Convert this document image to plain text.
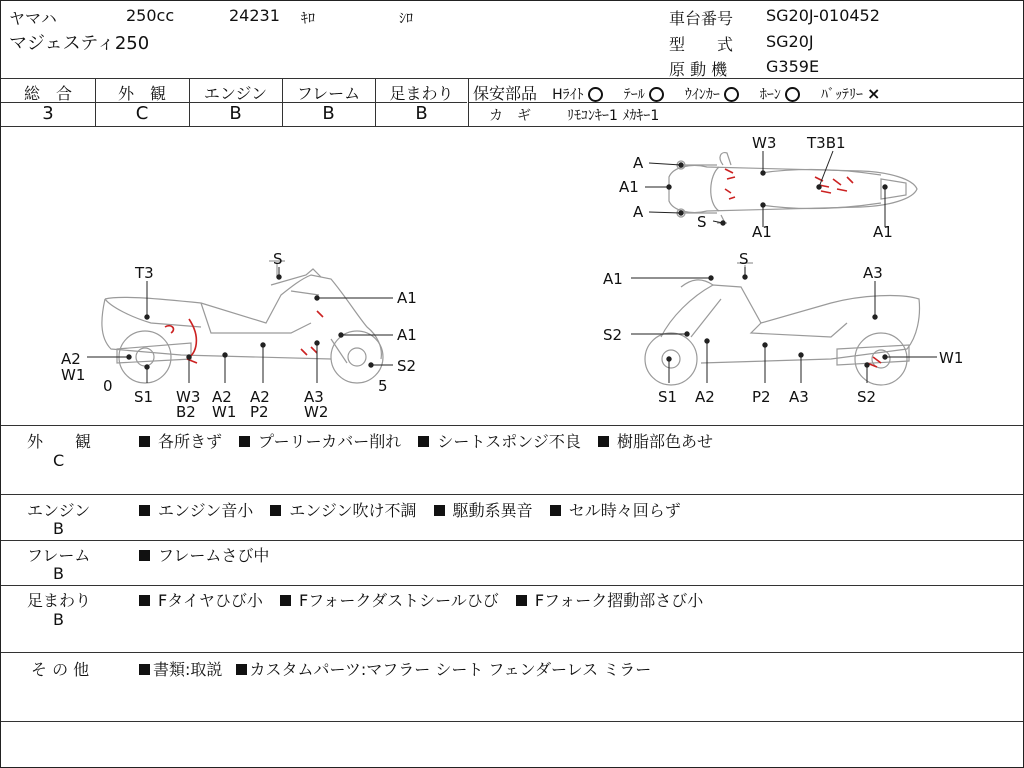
ヤマハ	250cc	24231 ｷﾛ	ｼﾛ
マジェスティ250
車台番号 SG20J-010452
型　　式 SG20J
原 動 機 G359E
総　合	外　観	エンジン	フレーム	足まわり
3	C	B	B	B
保安部品 Hﾗｲﾄ	ﾃｰﾙ	ｳｲﾝｶｰ	ﾎｰﾝ	ﾊﾞｯﾃﾘｰ ×
カ　ギ	ﾘﾓｺﾝｷｰ1 ﾒｶｷｰ1
A
A1
A
W3 T3B1
S
A1	A1
T3
S
A1
A1
A2
W1
0
S2
5
S1 W3
B2
A2
W1
A2
P2
A3
W2
A1
S
A3
S2
W1
S1 A2 P2 A3	S2
外　　観
C
各所きず プーリーカバー削れ シートスポンジ不良 樹脂部色あせ
エンジン
B
エンジン音小 エンジン吹け不調 駆動系異音 セル時々回らず
フレーム
B
フレームさび中
足まわり
B
Fタイヤひび小 Fフォークダストシールひび Fフォーク摺動部さび小
そ の 他	書類:取説 カスタムパーツ:マフラー シート フェンダーレス ミラー
